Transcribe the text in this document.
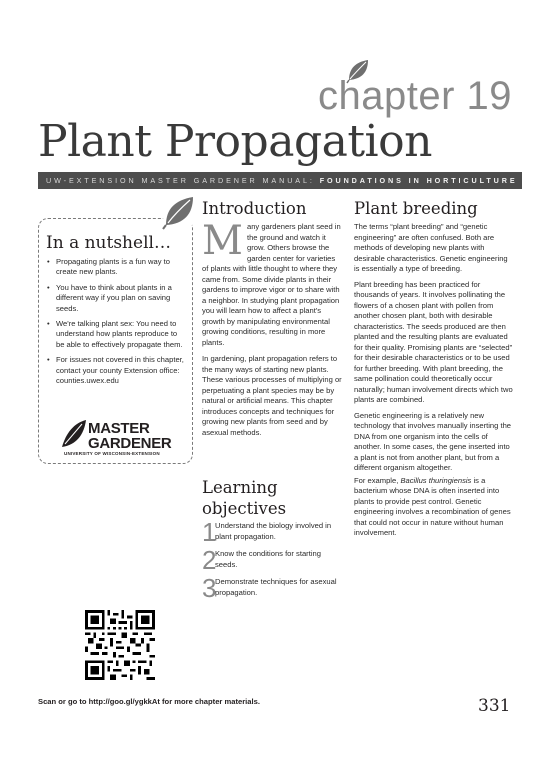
chapter 19
Plant Propagation
UW-EXTENSION MASTER GARDENER MANUAL: FOUNDATIONS IN HORTICULTURE
In a nutshell…
• Propagating plants is a fun way to create new plants.
• You have to think about plants in a different way if you plan on saving seeds.
• We're talking plant sex: You need to understand how plants reproduce to be able to effectively propagate them.
• For issues not covered in this chapter, contact your county Extension office: counties.uwex.edu
MASTER
GARDENER
UNIVERSITY OF WISCONSIN-EXTENSION
Introduction

Many gardeners plant seed in the ground and watch it grow. Others browse the garden center for varieties of plants with little thought to where they came from. Some divide plants in their gardens to improve vigor or to share with a neighbor. In studying plant propagation you will learn how to affect a plant's growth by manipulating environmental growing conditions, resulting in more plants.

In gardening, plant propagation refers to the many ways of starting new plants. These various processes of multiplying or perpetuating a plant species may be by natural or artificial means. This chapter introduces concepts and techniques for growing new plants from seed and by asexual methods.

Learning
objectives
1
Understand the biology involved in plant propagation.
2
Know the conditions for starting seeds.
3
Demonstrate techniques for asexual propagation.
Plant breeding

The terms “plant breeding” and “genetic engineering” are often confused. Both are methods of developing new plants with desirable characteristics. Genetic engineering is essentially a type of breeding.

Plant breeding has been practiced for thousands of years. It involves pollinating the flowers of a chosen plant with pollen from another chosen plant, both with desirable characteristics. The seeds produced are then planted and the resulting plants are evaluated for their quality. Promising plants are “selected” for their desirable characteristics or to be used for further breeding. With plant breeding, the same pollination could theoretically occur naturally; human involvement directs which two plants are combined.

Genetic engineering is a relatively new technology that involves manually inserting the DNA from one organism into the cells of another. In some cases, the gene inserted into a plant is not from another plant, but from a different organism altogether.

For example, Bacillus thuringiensis is a bacterium whose DNA is often inserted into plants to provide pest control. Genetic engineering involves a recombination of genes that could not occur in nature without human involvement.

Scan or go to http://goo.gl/ygkkAt for more chapter materials.	331
